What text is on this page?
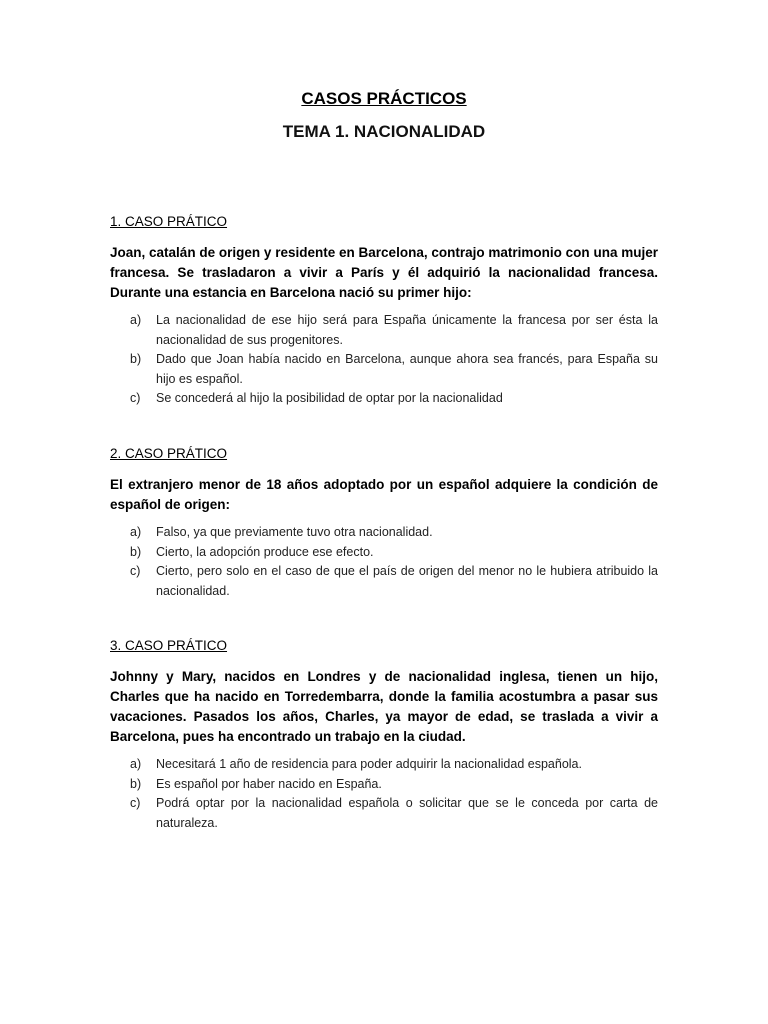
CASOS PRÁCTICOS
TEMA 1. NACIONALIDAD

1. CASO PRÁTICO

Joan, catalán de origen y residente en Barcelona, contrajo matrimonio con una mujer francesa. Se trasladaron a vivir a París y él adquirió la nacionalidad francesa. Durante una estancia en Barcelona nació su primer hijo:

a)	La nacionalidad de ese hijo será para España únicamente la francesa por ser ésta la nacionalidad de sus progenitores.
b)	Dado que Joan había nacido en Barcelona, aunque ahora sea francés, para España su hijo es español.
c)	Se concederá al hijo la posibilidad de optar por la nacionalidad

2. CASO PRÁTICO

El extranjero menor de 18 años adoptado por un español adquiere la condición de español de origen:

a)	Falso, ya que previamente tuvo otra nacionalidad.
b)	Cierto, la adopción produce ese efecto.
c)	Cierto, pero solo en el caso de que el país de origen del menor no le hubiera atribuido la nacionalidad.

3. CASO PRÁTICO

Johnny y Mary, nacidos en Londres y de nacionalidad inglesa, tienen un hijo, Charles que ha nacido en Torredembarra, donde la familia acostumbra a pasar sus vacaciones. Pasados los años, Charles, ya mayor de edad, se traslada a vivir a Barcelona, pues ha encontrado un trabajo en la ciudad.

a)	Necesitará 1 año de residencia para poder adquirir la nacionalidad española.
b)	Es español por haber nacido en España.
c)	Podrá optar por la nacionalidad española o solicitar que se le conceda por carta de naturaleza.
